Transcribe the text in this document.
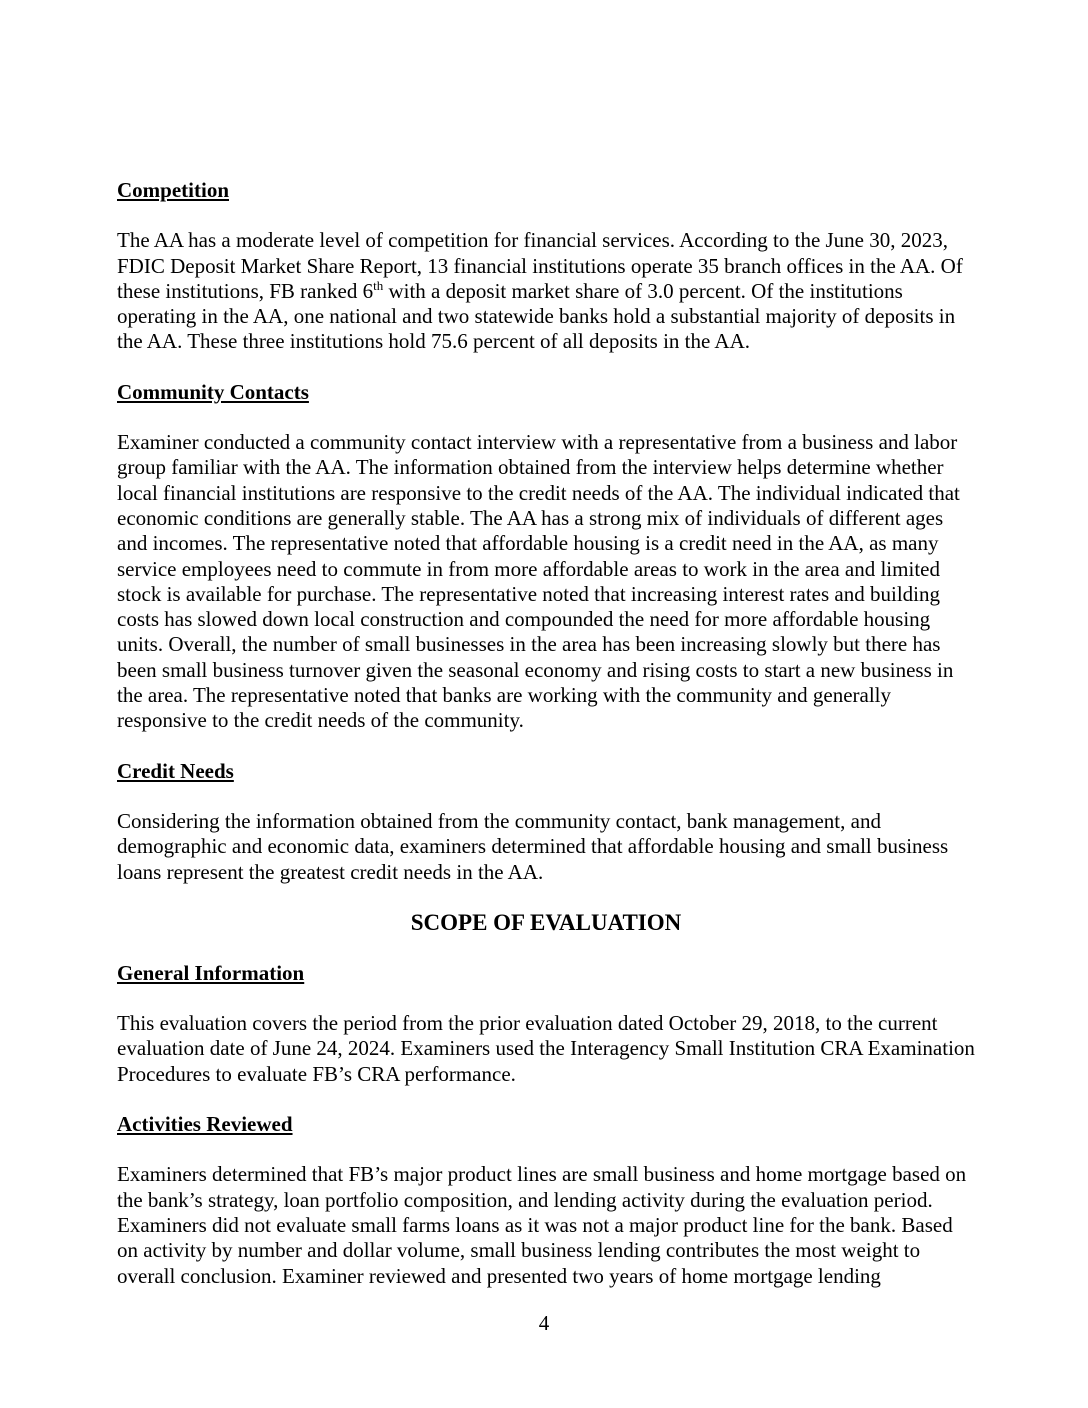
Competition

The AA has a moderate level of competition for financial services. According to the June 30, 2023, FDIC Deposit Market Share Report, 13 financial institutions operate 35 branch offices in the AA. Of these institutions, FB ranked 6th with a deposit market share of 3.0 percent. Of the institutions operating in the AA, one national and two statewide banks hold a substantial majority of deposits in the AA. These three institutions hold 75.6 percent of all deposits in the AA.

Community Contacts

Examiner conducted a community contact interview with a representative from a business and labor group familiar with the AA. The information obtained from the interview helps determine whether local financial institutions are responsive to the credit needs of the AA. The individual indicated that economic conditions are generally stable. The AA has a strong mix of individuals of different ages and incomes. The representative noted that affordable housing is a credit need in the AA, as many service employees need to commute in from more affordable areas to work in the area and limited stock is available for purchase. The representative noted that increasing interest rates and building costs has slowed down local construction and compounded the need for more affordable housing units. Overall, the number of small businesses in the area has been increasing slowly but there has been small business turnover given the seasonal economy and rising costs to start a new business in the area. The representative noted that banks are working with the community and generally responsive to the credit needs of the community.

Credit Needs

Considering the information obtained from the community contact, bank management, and demographic and economic data, examiners determined that affordable housing and small business loans represent the greatest credit needs in the AA.

SCOPE OF EVALUATION
General Information

This evaluation covers the period from the prior evaluation dated October 29, 2018, to the current evaluation date of June 24, 2024. Examiners used the Interagency Small Institution CRA Examination Procedures to evaluate FB’s CRA performance.

Activities Reviewed

Examiners determined that FB’s major product lines are small business and home mortgage based on the bank’s strategy, loan portfolio composition, and lending activity during the evaluation period. Examiners did not evaluate small farms loans as it was not a major product line for the bank. Based on activity by number and dollar volume, small business lending contributes the most weight to overall conclusion. Examiner reviewed and presented two years of home mortgage lending

4
